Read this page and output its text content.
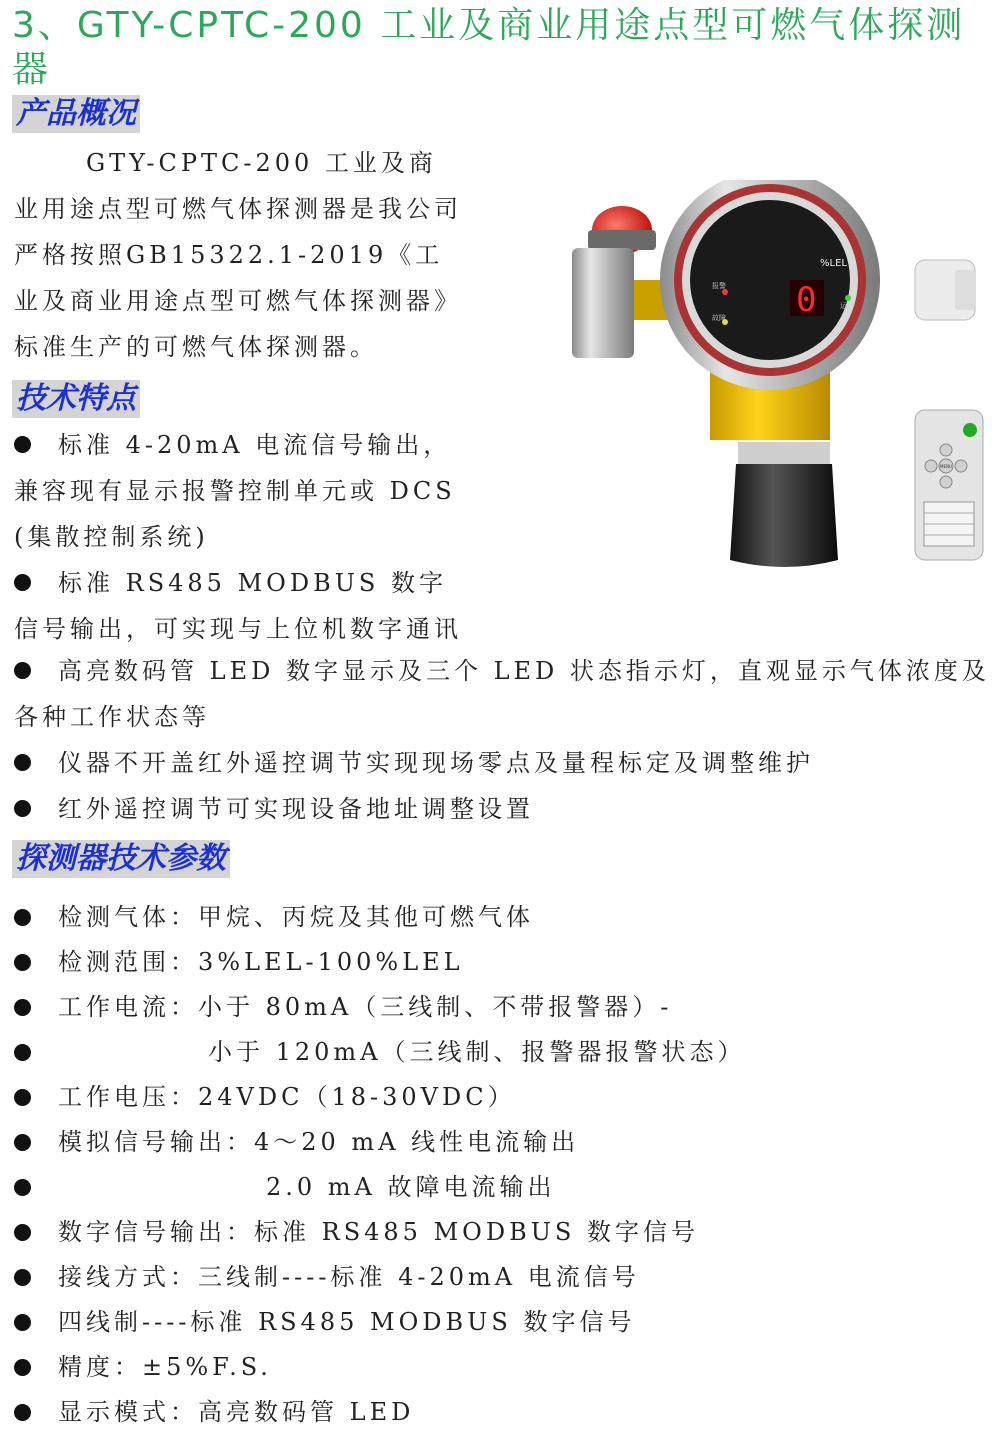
3、GTY-CPTC-200 工业及商业用途点型可燃气体探测器
产品概况

GTY-CPTC-200 工业及商业用途点型可燃气体探测器是我公司严格按照GB15322.1-2019《工业及商业用途点型可燃气体探测器》标准生产的可燃气体探测器。

技术特点

标准 4-20mA 电流信号输出，兼容现有显示报警控制单元或 DCS (集散控制系统)

标准 RS485 MODBUS 数字信号输出，可实现与上位机数字通讯

高亮数码管 LED 数字显示及三个 LED 状态指示灯，直观显示气体浓度及各种工作状态等

仪器不开盖红外遥控调节实现现场零点及量程标定及调整维护

红外遥控调节可实现设备地址调整设置

探测器技术参数

检测气体：甲烷、丙烷及其他可燃气体

检测范围：3%LEL-100%LEL

工作电流：小于 80mA（三线制、不带报警器）-

小于 120mA（三线制、报警器报警状态）

工作电压：24VDC（18-30VDC）

模拟信号输出：4～20 mA 线性电流输出

2.0 mA 故障电流输出

数字信号输出：标准 RS485 MODBUS 数字信号

接线方式：三线制----标准 4-20mA 电流信号

四线制----标准 RS485 MODBUS 数字信号

精度：±5%F.S.

显示模式：高亮数码管 LED

%LEL
0
报警
故障
运行
MENU
